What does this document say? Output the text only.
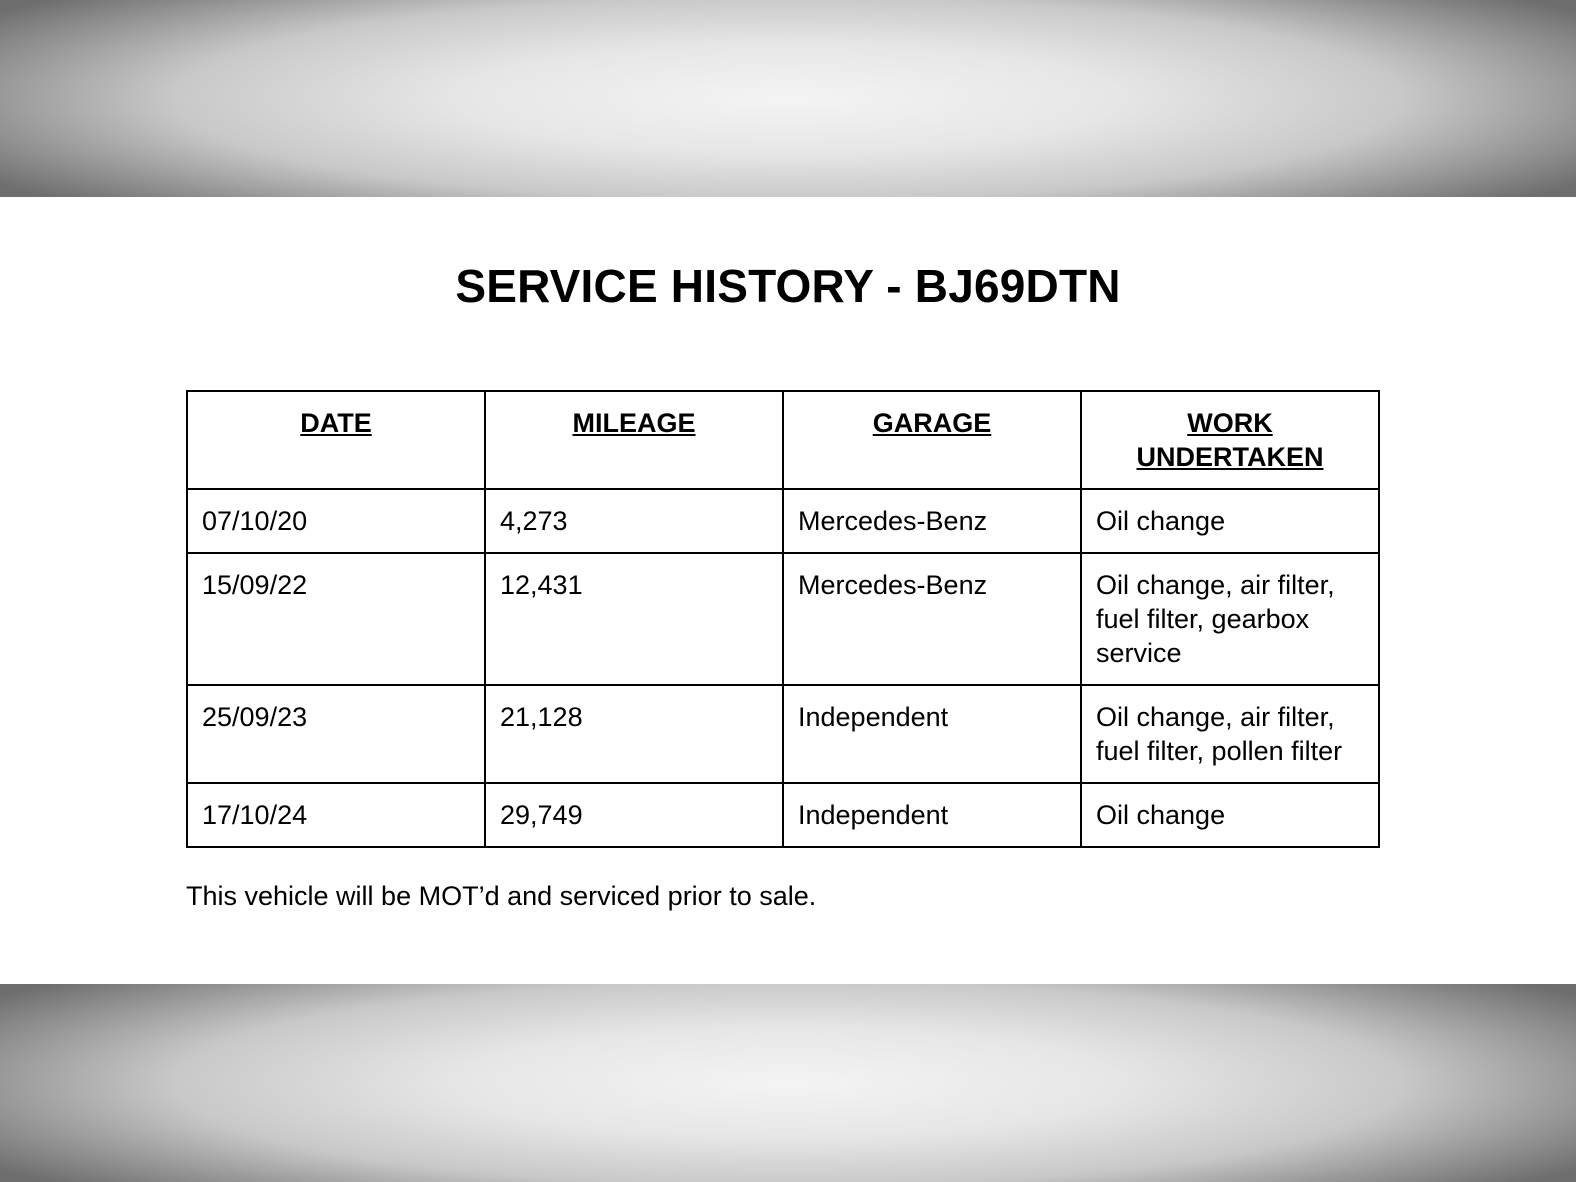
SERVICE HISTORY - BJ69DTN
DATE	MILEAGE	GARAGE	WORK UNDERTAKEN
07/10/20	4,273	Mercedes-Benz	Oil change
15/09/22	12,431	Mercedes-Benz	Oil change, air filter, fuel filter, gearbox service
25/09/23	21,128	Independent	Oil change, air filter, fuel filter, pollen filter
17/10/24	29,749	Independent	Oil change
This vehicle will be MOT’d and serviced prior to sale.
